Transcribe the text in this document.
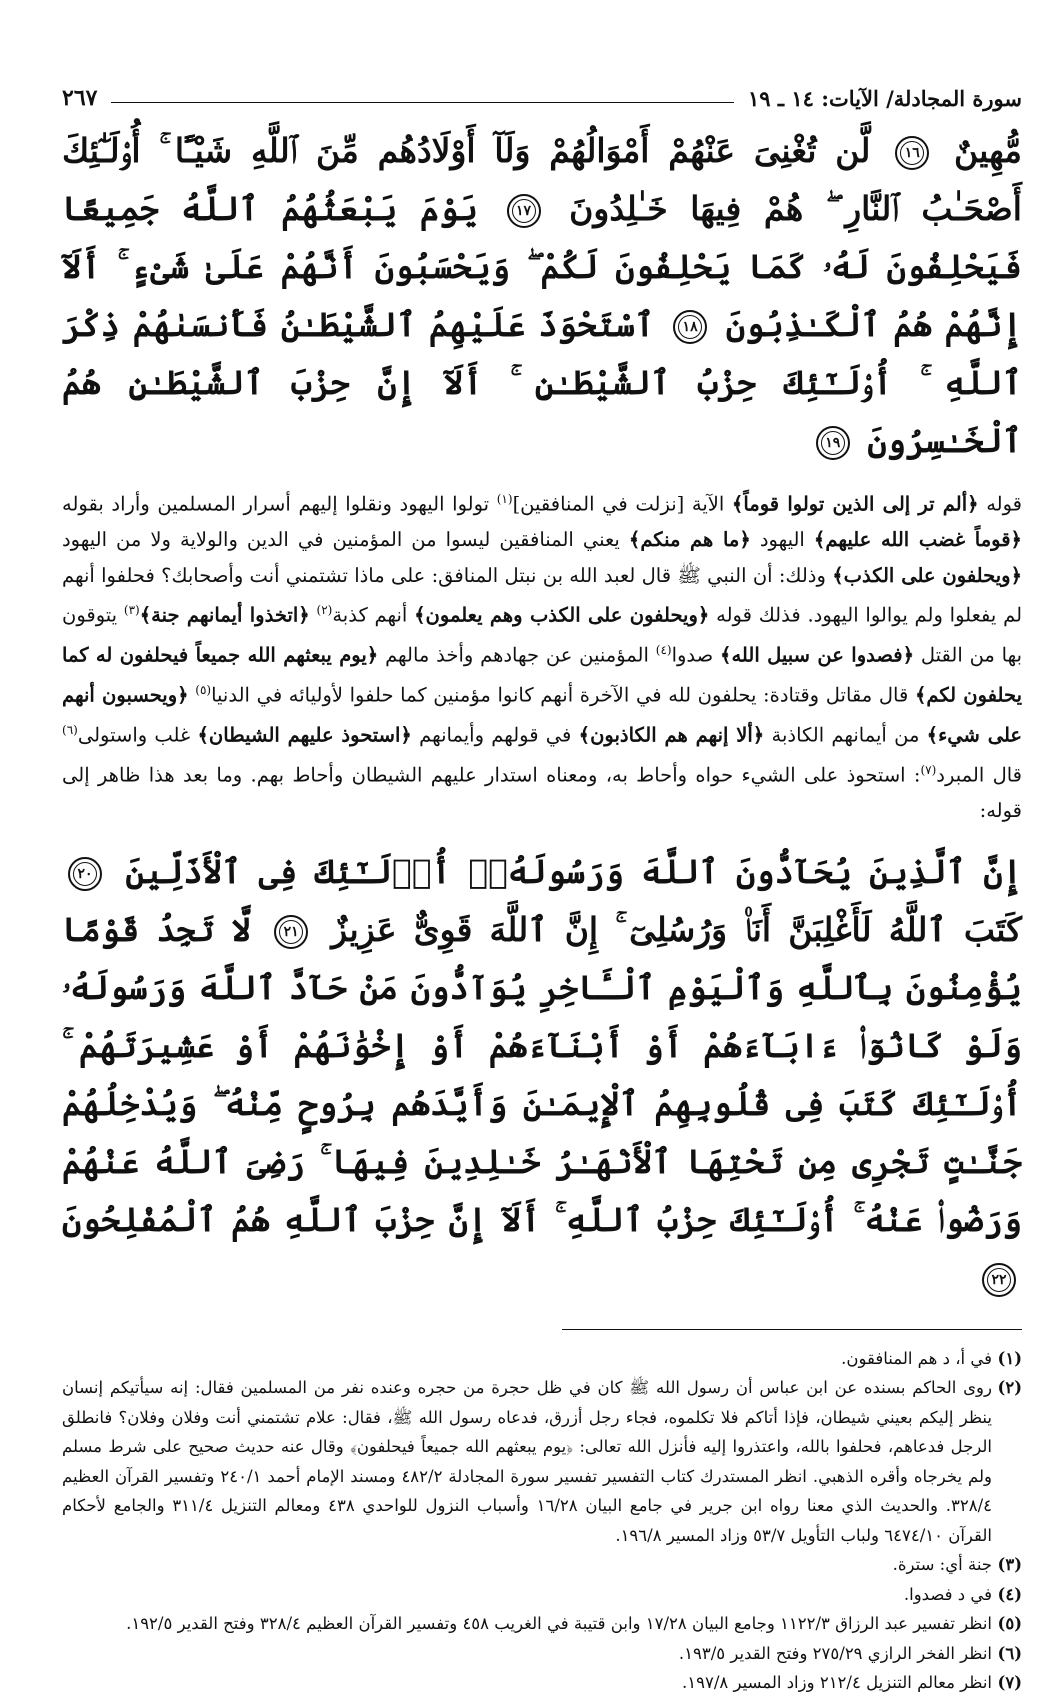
سورة المجادلة/ الآيات: ١٤ ـ ١٩
٢٦٧
مُّهِينٌ ١٦ لَّن تُغْنِىَ عَنْهُمْ أَمْوَالُهُمْ وَلَآ أَوْلَادُهُم مِّنَ ٱللَّهِ شَيْـًٔا ۚ أُو۟لَـٰٓئِكَ أَصْحَـٰبُ ٱلنَّارِ ۖ هُمْ فِيهَا خَـٰلِدُونَ ١٧ يَوْمَ يَبْعَثُهُمُ ٱللَّهُ جَمِيعًا فَيَحْلِفُونَ لَهُۥ كَمَا يَحْلِفُونَ لَكُمْ ۖ وَيَحْسَبُونَ أَنَّهُمْ عَلَىٰ شَىْءٍ ۚ أَلَآ إِنَّهُمْ هُمُ ٱلْكَـٰذِبُونَ ١٨ ٱسْتَحْوَذَ عَلَيْهِمُ ٱلشَّيْطَـٰنُ فَأَنسَىٰهُمْ ذِكْرَ ٱللَّهِ ۚ أُو۟لَـٰٓئِكَ حِزْبُ ٱلشَّيْطَـٰنِ ۚ أَلَآ إِنَّ حِزْبَ ٱلشَّيْطَـٰنِ هُمُ ٱلْخَـٰسِرُونَ ١٩
قوله ﴿ألم تر إلى الذين تولوا قوماً﴾ الآية [نزلت في المنافقين]$^{(١)}$ تولوا اليهود ونقلوا إليهم أسرار المسلمين وأراد بقوله ﴿قوماً غضب الله عليهم﴾ اليهود ﴿ما هم منكم﴾ يعني المنافقين ليسوا من المؤمنين في الدين والولاية ولا من اليهود ﴿ويحلفون على الكذب﴾ وذلك: أن النبي ﷺ قال لعبد الله بن نبتل المنافق: على ماذا تشتمني أنت وأصحابك؟ فحلفوا أنهم لم يفعلوا ولم يوالوا اليهود. فذلك قوله ﴿ويحلفون على الكذب وهم يعلمون﴾ أنهم كذبة$^{(٢)}$ ﴿اتخذوا أيمانهم جنة﴾$^{(٣)}$ يتوقون بها من القتل ﴿فصدوا عن سبيل الله﴾ صدوا$^{(٤)}$ المؤمنين عن جهادهم وأخذ مالهم ﴿يوم يبعثهم الله جميعاً فيحلفون له كما يحلفون لكم﴾ قال مقاتل وقتادة: يحلفون لله في الآخرة أنهم كانوا مؤمنين كما حلفوا لأوليائه في الدنيا$^{(٥)}$ ﴿ويحسبون أنهم على شيء﴾ من أيمانهم الكاذبة ﴿ألا إنهم هم الكاذبون﴾ في قولهم وأيمانهم ﴿استحوذ عليهم الشيطان﴾ غلب واستولى$^{(٦)}$ قال المبرد$^{(٧)}$: استحوذ على الشيء حواه وأحاط به، ومعناه استدار عليهم الشيطان وأحاط بهم. وما بعد هذا ظاهر إلى قوله:
إِنَّ ٱلَّذِينَ يُحَآدُّونَ ٱللَّهَ وَرَسُولَهُۥٓ أُو۟لَـٰٓئِكَ فِى ٱلْأَذَلِّينَ ٢٠ كَتَبَ ٱللَّهُ لَأَغْلِبَنَّ أَنَا۠ وَرُسُلِىٓ ۚ إِنَّ ٱللَّهَ قَوِىٌّ عَزِيزٌ ٢١ لَّا تَجِدُ قَوْمًا يُؤْمِنُونَ بِٱللَّهِ وَٱلْيَوْمِ ٱلْـَٔاخِرِ يُوَآدُّونَ مَنْ حَآدَّ ٱللَّهَ وَرَسُولَهُۥ وَلَوْ كَانُوٓا۟ ءَابَآءَهُمْ أَوْ أَبْنَآءَهُمْ أَوْ إِخْوَٰنَهُمْ أَوْ عَشِيرَتَهُمْ ۚ أُو۟لَـٰٓئِكَ كَتَبَ فِى قُلُوبِهِمُ ٱلْإِيمَـٰنَ وَأَيَّدَهُم بِرُوحٍ مِّنْهُ ۖ وَيُدْخِلُهُمْ جَنَّـٰتٍ تَجْرِى مِن تَحْتِهَا ٱلْأَنْهَـٰرُ خَـٰلِدِينَ فِيهَا ۚ رَضِىَ ٱللَّهُ عَنْهُمْ وَرَضُوا۟ عَنْهُ ۚ أُو۟لَـٰٓئِكَ حِزْبُ ٱللَّهِ ۚ أَلَآ إِنَّ حِزْبَ ٱللَّهِ هُمُ ٱلْمُفْلِحُونَ ٢٢
(١)
في أ، د هم المنافقون.
(٢)
روى الحاكم بسنده عن ابن عباس أن رسول الله ﷺ كان في ظل حجرة من حجره وعنده نفر من المسلمين فقال: إنه سيأتيكم إنسان ينظر إليكم بعيني شيطان، فإذا أتاكم فلا تكلموه، فجاء رجل أزرق، فدعاه رسول الله ﷺ، فقال: علام تشتمني أنت وفلان وفلان؟ فانطلق الرجل فدعاهم، فحلفوا بالله، واعتذروا إليه فأنزل الله تعالى: ﴿يوم يبعثهم الله جميعاً فيحلفون﴾ وقال عنه حديث صحيح على شرط مسلم ولم يخرجاه وأقره الذهبي. انظر المستدرك كتاب التفسير تفسير سورة المجادلة ٤٨٢/٢ ومسند الإمام أحمد ٢٤٠/١ وتفسير القرآن العظيم ٣٢٨/٤. والحديث الذي معنا رواه ابن جرير في جامع البيان ١٦/٢٨ وأسباب النزول للواحدي ٤٣٨ ومعالم التنزيل ٣١١/٤ والجامع لأحكام القرآن ٦٤٧٤/١٠ ولباب التأويل ٥٣/٧ وزاد المسير ١٩٦/٨.
(٣)
جنة أي: سترة.
(٤)
في د فصدوا.
(٥)
انظر تفسير عبد الرزاق ١١٢٢/٣ وجامع البيان ١٧/٢٨ وابن قتيبة في الغريب ٤٥٨ وتفسير القرآن العظيم ٣٢٨/٤ وفتح القدير ١٩٢/٥.
(٦)
انظر الفخر الرازي ٢٧٥/٢٩ وفتح القدير ١٩٣/٥.
(٧)
انظر معالم التنزيل ٢١٢/٤ وزاد المسير ١٩٧/٨.
